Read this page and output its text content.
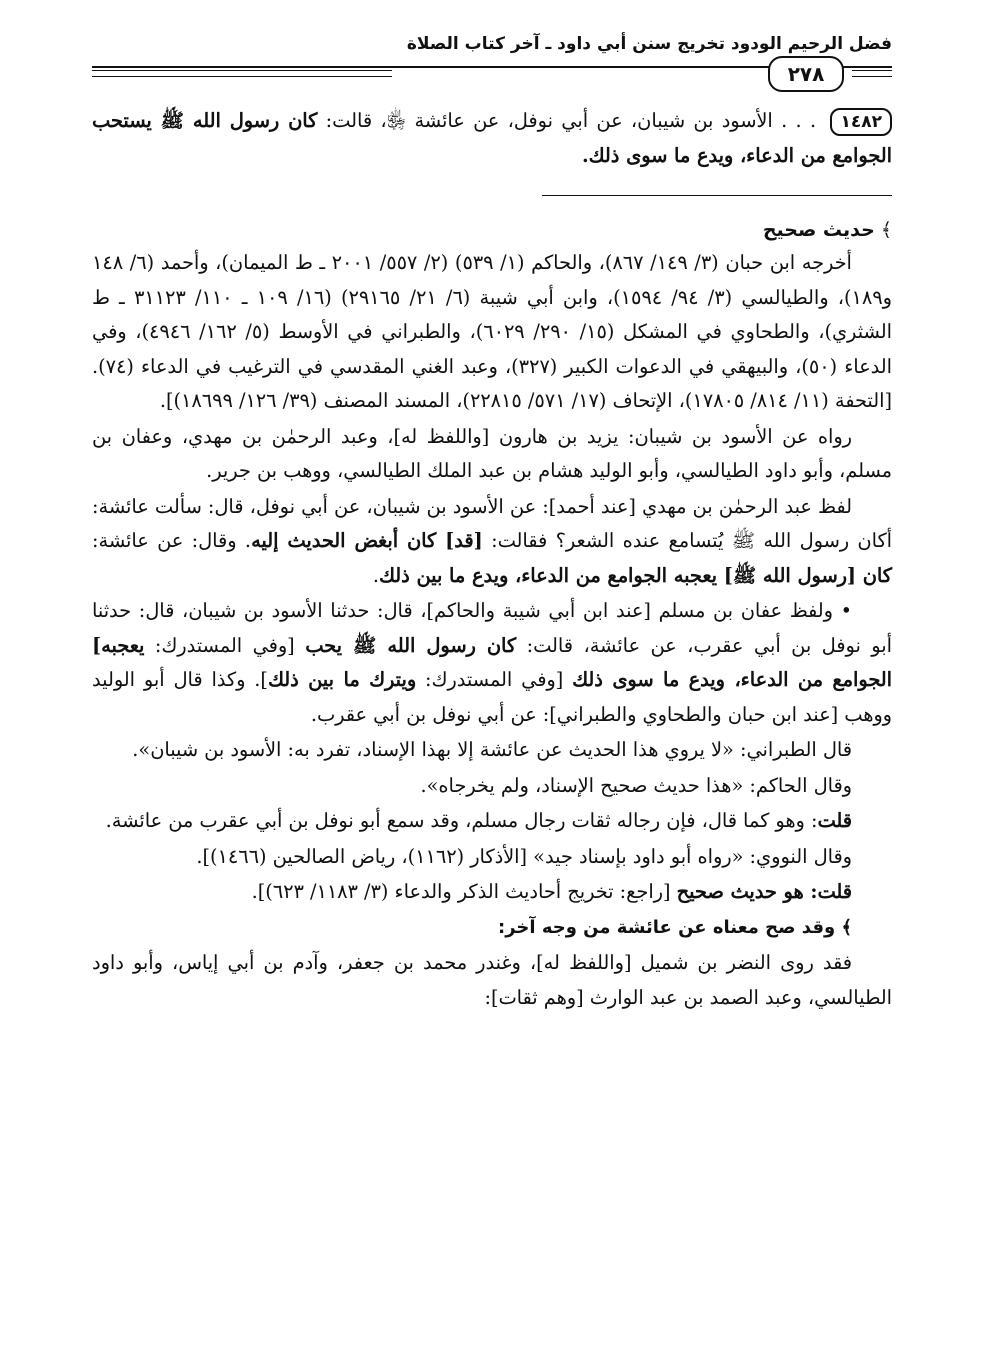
فضل الرحيم الودود تخريج سنن أبي داود ـ آخر كتاب الصلاة
٢٧٨

١٤٨٢ . . . الأسود بن شيبان، عن أبي نوفل، عن عائشة ﵂، قالت: كان رسول الله ﷺ يستحب الجوامع من الدعاء، ويدع ما سوى ذلك.

﴾حديث صحيح

أخرجه ابن حبان (٣/ ١٤٩/ ٨٦٧)، والحاكم (١/ ٥٣٩) (٢/ ٥٥٧/ ٢٠٠١ ـ ط الميمان)، وأحمد (٦/ ١٤٨ و١٨٩)، والطيالسي (٣/ ٩٤/ ١٥٩٤)، وابن أبي شيبة (٦/ ٢١/ ٢٩١٦٥) (١٦/ ١٠٩ ـ ١١٠/ ٣١١٢٣ ـ ط الشثري)، والطحاوي في المشكل (١٥/ ٢٩٠/ ٦٠٢٩)، والطبراني في الأوسط (٥/ ١٦٢/ ٤٩٤٦)، وفي الدعاء (٥٠)، والبيهقي في الدعوات الكبير (٣٢٧)، وعبد الغني المقدسي في الترغيب في الدعاء (٧٤). [التحفة (١١/ ٨١٤/ ١٧٨٠٥)، الإتحاف (١٧/ ٥٧١/ ٢٢٨١٥)، المسند المصنف (٣٩/ ١٢٦/ ١٨٦٩٩)].

رواه عن الأسود بن شيبان: يزيد بن هارون [واللفظ له]، وعبد الرحمٰن بن مهدي، وعفان بن مسلم، وأبو داود الطيالسي، وأبو الوليد هشام بن عبد الملك الطيالسي، ووهب بن جرير.

لفظ عبد الرحمٰن بن مهدي [عند أحمد]: عن الأسود بن شيبان، عن أبي نوفل، قال: سألت عائشة: أكان رسول الله ﷺ يُتسامع عنده الشعر؟ فقالت: [قد] كان أبغض الحديث إليه. وقال: عن عائشة: كان [رسول الله ﷺ] يعجبه الجوامع من الدعاء، ويدع ما بين ذلك.

• ولفظ عفان بن مسلم [عند ابن أبي شيبة والحاكم]، قال: حدثنا الأسود بن شيبان، قال: حدثنا أبو نوفل بن أبي عقرب، عن عائشة، قالت: كان رسول الله ﷺ يحب [وفي المستدرك: يعجبه] الجوامع من الدعاء، ويدع ما سوى ذلك [وفي المستدرك: ويترك ما بين ذلك]. وكذا قال أبو الوليد ووهب [عند ابن حبان والطحاوي والطبراني]: عن أبي نوفل بن أبي عقرب.

قال الطبراني: «لا يروي هذا الحديث عن عائشة إلا بهذا الإسناد، تفرد به: الأسود بن شيبان».

وقال الحاكم: «هذا حديث صحيح الإسناد، ولم يخرجاه».

قلت: وهو كما قال، فإن رجاله ثقات رجال مسلم، وقد سمع أبو نوفل بن أبي عقرب من عائشة.

وقال النووي: «رواه أبو داود بإسناد جيد» [الأذكار (١١٦٢)، رياض الصالحين (١٤٦٦)].

قلت: هو حديث صحيح [راجع: تخريج أحاديث الذكر والدعاء (٣/ ١١٨٣/ ٦٢٣)].

﴾ وقد صح معناه عن عائشة من وجه آخر:

فقد روى النضر بن شميل [واللفظ له]، وغندر محمد بن جعفر، وآدم بن أبي إياس، وأبو داود الطيالسي، وعبد الصمد بن عبد الوارث [وهم ثقات]:
